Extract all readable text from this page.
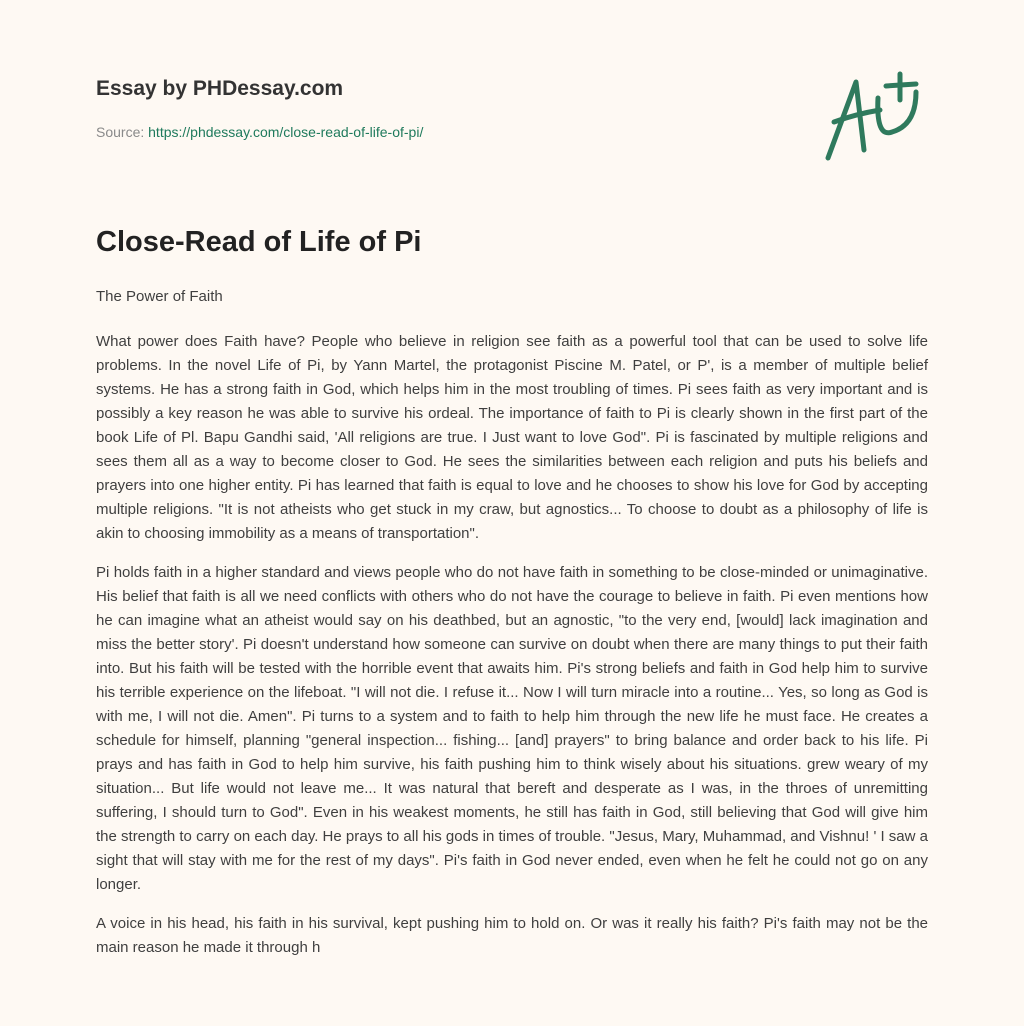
Essay by PHDessay.com
Source: https://phdessay.com/close-read-of-life-of-pi/
Close-Read of Life of Pi
The Power of Faith

What power does Faith have? People who believe in religion see faith as a powerful tool that can be used to solve life problems. In the novel Life of Pi, by Yann Martel, the protagonist Piscine M. Patel, or P', is a member of multiple belief systems. He has a strong faith in God, which helps him in the most troubling of times. Pi sees faith as very important and is possibly a key reason he was able to survive his ordeal. The importance of faith to Pi is clearly shown in the first part of the book Life of Pl. Bapu Gandhi said, 'All religions are true. I Just want to love God". Pi is fascinated by multiple religions and sees them all as a way to become closer to God. He sees the similarities between each religion and puts his beliefs and prayers into one higher entity. Pi has learned that faith is equal to love and he chooses to show his love for God by accepting multiple religions. "It is not atheists who get stuck in my craw, but agnostics... To choose to doubt as a philosophy of life is akin to choosing immobility as a means of transportation".

Pi holds faith in a higher standard and views people who do not have faith in something to be close-minded or unimaginative. His belief that faith is all we need conflicts with others who do not have the courage to believe in faith. Pi even mentions how he can imagine what an atheist would say on his deathbed, but an agnostic, "to the very end, [would] lack imagination and miss the better story'. Pi doesn't understand how someone can survive on doubt when there are many things to put their faith into. But his faith will be tested with the horrible event that awaits him. Pi's strong beliefs and faith in God help him to survive his terrible experience on the lifeboat. "I will not die. I refuse it... Now I will turn miracle into a routine... Yes, so long as God is with me, I will not die. Amen". Pi turns to a system and to faith to help him through the new life he must face. He creates a schedule for himself, planning "general inspection... fishing... [and] prayers" to bring balance and order back to his life. Pi prays and has faith in God to help him survive, his faith pushing him to think wisely about his situations. grew weary of my situation... But life would not leave me... It was natural that bereft and desperate as I was, in the throes of unremitting suffering, I should turn to God". Even in his weakest moments, he still has faith in God, still believing that God will give him the strength to carry on each day. He prays to all his gods in times of trouble. "Jesus, Mary, Muhammad, and Vishnu! ' I saw a sight that will stay with me for the rest of my days". Pi's faith in God never ended, even when he felt he could not go on any longer.

A voice in his head, his faith in his survival, kept pushing him to hold on. Or was it really his faith? Pi's faith may not be the main reason he made it through h
